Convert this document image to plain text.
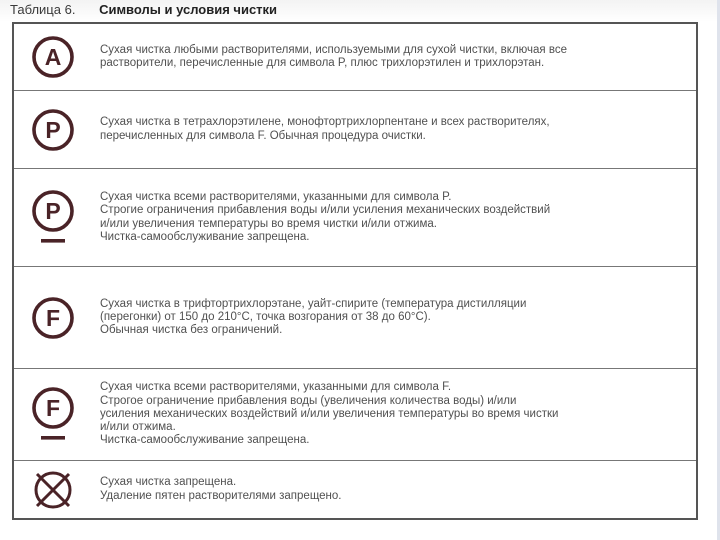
Таблица 6. Символы и условия чистки
A	Сухая чистка любыми растворителями, используемыми для сухой чистки, включая все
растворители, перечисленные для символа P, плюс трихлорэтилен и трихлорэтан.
P	Сухая чистка в тетрахлорэтилене, монофтортрихлорпентане и всех растворителях,
перечисленных для символа F. Обычная процедура очистки.
P
Сухая чистка всеми растворителями, указанными для символа P.
Строгие ограничения прибавления воды и/или усиления механических воздействий
и/или увеличения температуры во время чистки и/или отжима.
Чистка-самообслуживание запрещена.
F
Сухая чистка в трифтортрихлорэтане, уайт-спирите (температура дистилляции
(перегонки) от 150 до 210°С, точка возгорания от 38 до 60°С).
Обычная чистка без ограничений.
F
Сухая чистка всеми растворителями, указанными для символа F.
Строгое ограничение прибавления воды (увеличения количества воды) и/или
усиления механических воздействий и/или увеличения температуры во время чистки
и/или отжима.
Чистка-самообслуживание запрещена.
Сухая чистка запрещена.
Удаление пятен растворителями запрещено.
